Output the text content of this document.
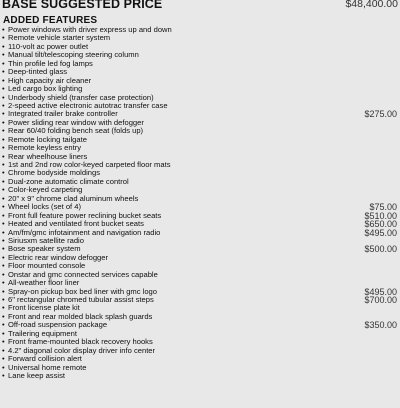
BASE SUGGESTED PRICE	$48,400.00
ADDED FEATURES
• Power windows with driver express up and down
• Remote vehicle starter system
• 110-volt ac power outlet
• Manual tilt/telescoping steering column
• Thin profile led fog lamps
• Deep-tinted glass
• High capacity air cleaner
• Led cargo box lighting
• Underbody shield (transfer case protection)
• 2-speed active electronic autotrac transfer case
• Integrated trailer brake controller	$275.00
• Power sliding rear window with defogger
• Rear 60/40 folding bench seat (folds up)
• Remote locking tailgate
• Remote keyless entry
• Rear wheelhouse liners
• 1st and 2nd row color-keyed carpeted floor mats
• Chrome bodyside moldings
• Dual-zone automatic climate control
• Color-keyed carpeting
• 20" x 9" chrome clad aluminum wheels
• Wheel locks (set of 4)	$75.00
• Front full feature power reclining bucket seats	$510.00
• Heated and ventilated front bucket seats	$650.00
• Am/fm/gmc infotainment and navigation radio	$495.00
• Siriusxm satellite radio
• Bose speaker system	$500.00
• Electric rear window defogger
• Floor mounted console
• Onstar and gmc connected services capable
• All-weather floor liner
• Spray-on pickup box bed liner with gmc logo	$495.00
• 6" rectangular chromed tubular assist steps	$700.00
• Front license plate kit
• Front and rear molded black splash guards
• Off-road suspension package	$350.00
• Trailering equipment
• Front frame-mounted black recovery hooks
• 4.2" diagonal color display driver info center
• Forward collision alert
• Universal home remote
• Lane keep assist
